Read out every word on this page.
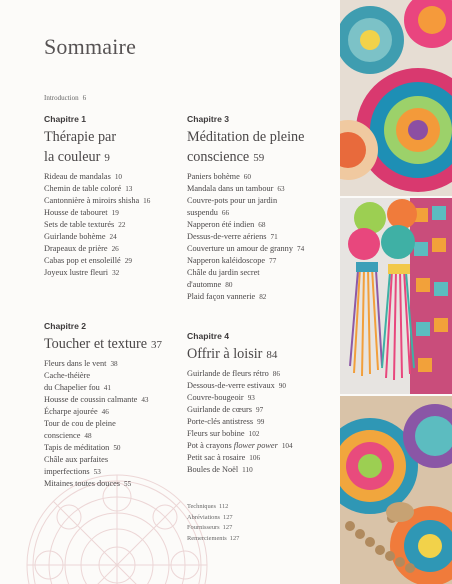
Sommaire
Introduction 6
Chapitre 1
Thérapie par
la couleur 9
Rideau de mandalas 10
Chemin de table coloré 13
Cantonnière à miroirs shisha 16
Housse de tabouret 19
Sets de table texturés 22
Guirlande bohème 24
Drapeaux de prière 26
Cabas pop et ensoleillé 29
Joyeux lustre fleuri 32
Chapitre 2
Toucher et texture 37
Fleurs dans le vent 38
Cache-théière
du Chapelier fou 41
Housse de coussin calmante 43
Écharpe ajourée 46
Tour de cou de pleine
conscience 48
Tapis de méditation 50
Châle aux parfaites
imperfections 53
Mitaines toutes douces 55
Chapitre 3
Méditation de pleine
conscience 59
Paniers bohème 60
Mandala dans un tambour 63
Couvre-pots pour un jardin
suspendu 66
Napperon été indien 68
Dessus-de-verre aériens 71
Couverture un amour de granny 74
Napperon kaléidoscope 77
Châle du jardin secret
d'automne 80
Plaid façon vannerie 82
Chapitre 4
Offrir à loisir 84
Guirlande de fleurs rétro 86
Dessous-de-verre estivaux 90
Couvre-bougeoir 93
Guirlande de cœurs 97
Porte-clés antistress 99
Fleurs sur bobine 102
Pot à crayons flower power 104
Petit sac à rosaire 106
Boules de Noël 110
Techniques 112
Abréviations 127
Fournisseurs 127
Remerciements 127
